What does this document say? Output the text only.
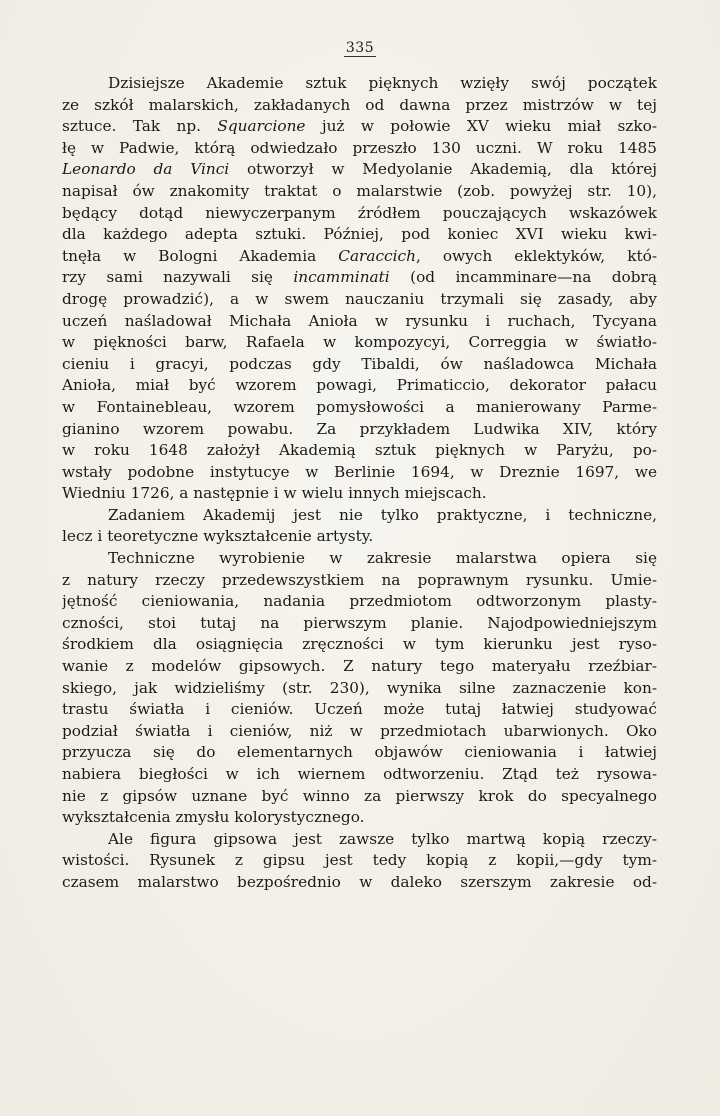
335
Dzisiejsze Akademie sztuk pięknych wzięły swój początek
ze szkół malarskich, zakładanych od dawna przez mistrzów w tej
sztuce. Tak np. Squarcione już w połowie XV wieku miał szko-
łę w Padwie, którą odwiedzało przeszło 130 uczni. W roku 1485
Leonardo da Vinci otworzył w Medyolanie Akademią, dla której
napisał ów znakomity traktat o malarstwie (zob. powyżej str. 10),
będący dotąd niewyczerpanym źródłem pouczających wskazówek
dla każdego adepta sztuki. Później, pod koniec XVI wieku kwi-
tnęła w Bologni Akademia Caraccich, owych eklektyków, któ-
rzy sami nazywali się incamminati (od incamminare—na dobrą
drogę prowadzić), a w swem nauczaniu trzymali się zasady, aby
uczeń naśladował Michała Anioła w rysunku i ruchach, Tycyana
w piękności barw, Rafaela w kompozycyi, Correggia w światło-
cieniu i gracyi, podczas gdy Tibaldi, ów naśladowca Michała
Anioła, miał być wzorem powagi, Primaticcio, dekorator pałacu
w Fontainebleau, wzorem pomysłowości a manierowany Parme-
gianino wzorem powabu. Za przykładem Ludwika XIV, który
w roku 1648 założył Akademią sztuk pięknych w Paryżu, po-
wstały podobne instytucye w Berlinie 1694, w Dreznie 1697, we
Wiedniu 1726, a następnie i w wielu innych miejscach.
Zadaniem Akademij jest nie tylko praktyczne, i techniczne,
lecz i teoretyczne wykształcenie artysty.
Techniczne wyrobienie w zakresie malarstwa opiera się
z natury rzeczy przedewszystkiem na poprawnym rysunku. Umie-
jętność cieniowania, nadania przedmiotom odtworzonym plasty-
czności, stoi tutaj na pierwszym planie. Najodpowiedniejszym
środkiem dla osiągnięcia zręczności w tym kierunku jest ryso-
wanie z modelów gipsowych. Z natury tego materyału rzeźbiar-
skiego, jak widzieliśmy (str. 230), wynika silne zaznaczenie kon-
trastu światła i cieniów. Uczeń może tutaj łatwiej studyować
podział światła i cieniów, niż w przedmiotach ubarwionych. Oko
przyucza się do elementarnych objawów cieniowania i łatwiej
nabiera biegłości w ich wiernem odtworzeniu. Ztąd też rysowa-
nie z gipsów uznane być winno za pierwszy krok do specyalnego
wykształcenia zmysłu kolorystycznego.
Ale figura gipsowa jest zawsze tylko martwą kopią rzeczy-
wistości. Rysunek z gipsu jest tedy kopią z kopii,—gdy tym-
czasem malarstwo bezpośrednio w daleko szerszym zakresie od-
